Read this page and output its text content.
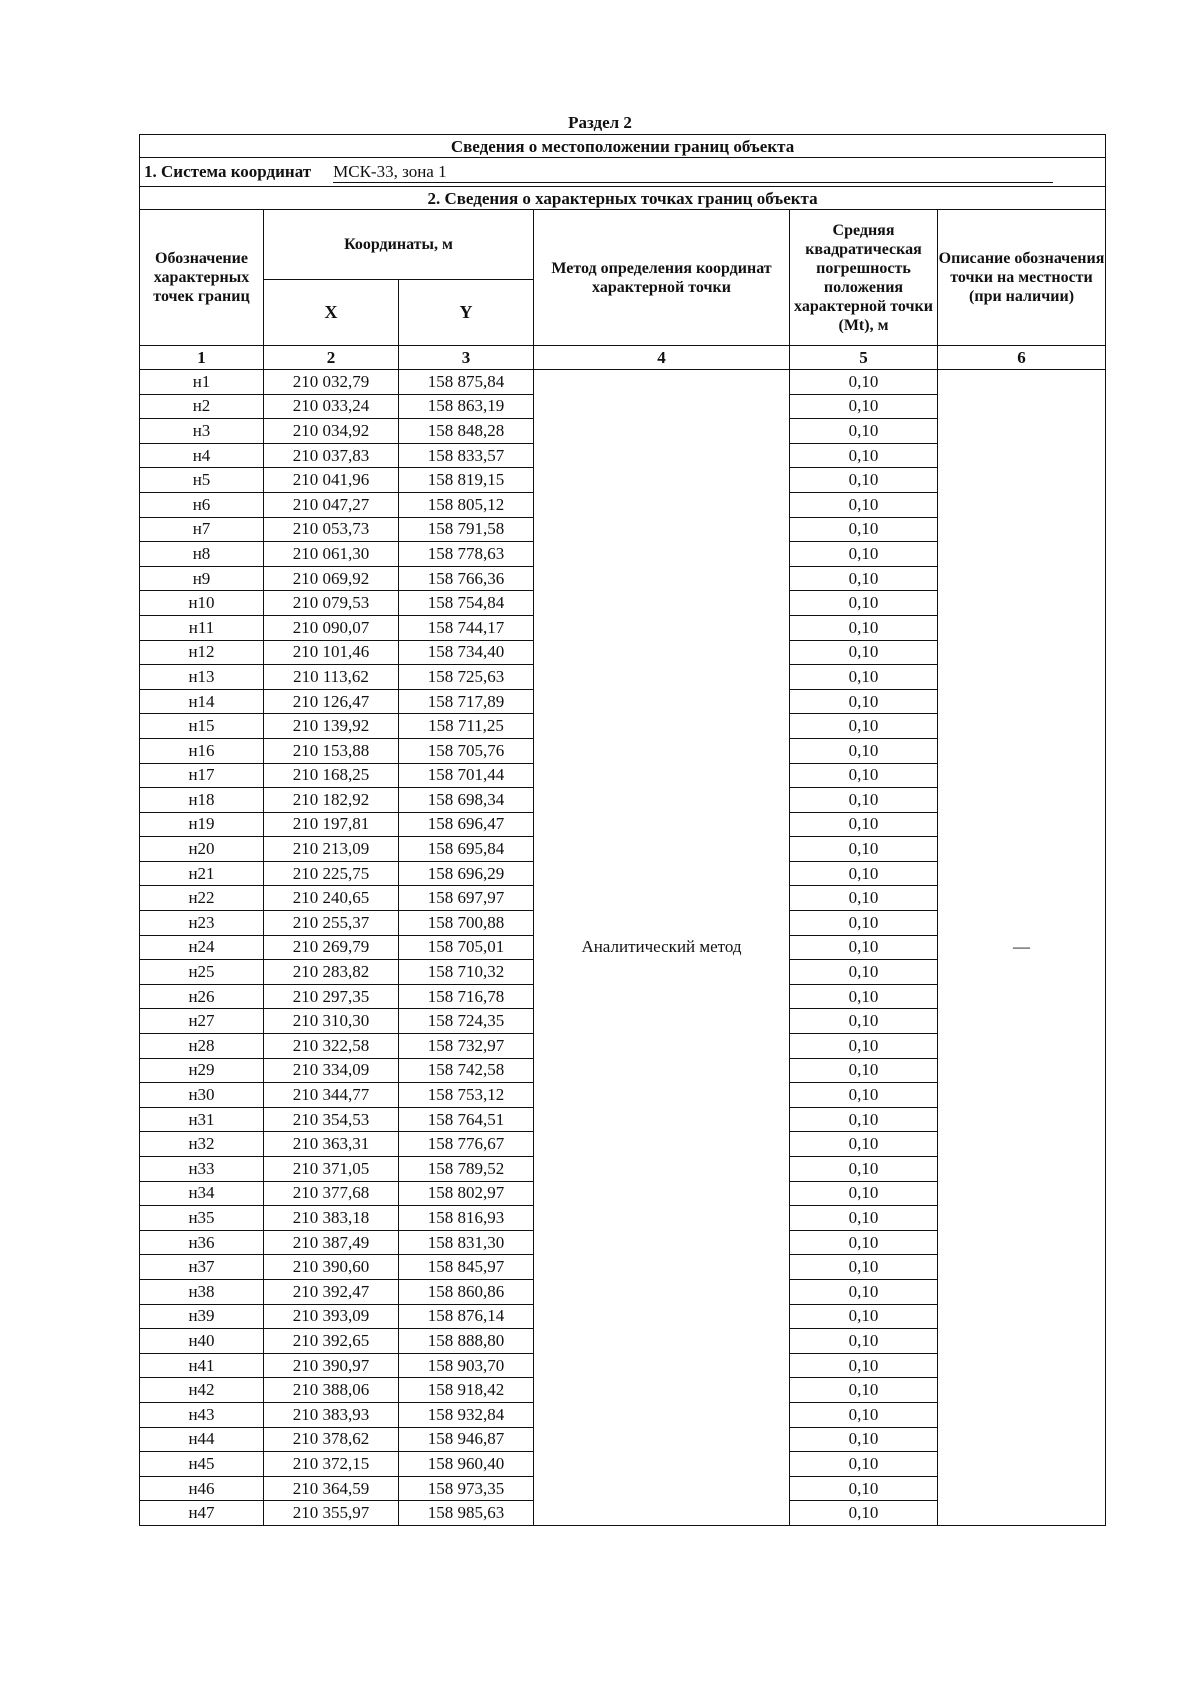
Раздел 2
Сведения о местоположении границ объекта					
1. Система координат МСК-33, зона 1					
2. Сведения о характерных точках границ объекта					
Обозначение характерных точек границ	Координаты, м		Метод определения координат характерной точки	Средняя квадратическая погрешность положения характерной точки (Mt), м	Описание обозначения точки на местности (при наличии)
	X	Y			
1	2	3	4	5	6
н1	210 032,79	158 875,84	Аналитический метод	0,10	—
н2	210 033,24	158 863,19		0,10	
н3	210 034,92	158 848,28		0,10	
н4	210 037,83	158 833,57		0,10	
н5	210 041,96	158 819,15		0,10	
н6	210 047,27	158 805,12		0,10	
н7	210 053,73	158 791,58		0,10	
н8	210 061,30	158 778,63		0,10	
н9	210 069,92	158 766,36		0,10	
н10	210 079,53	158 754,84		0,10	
н11	210 090,07	158 744,17		0,10	
н12	210 101,46	158 734,40		0,10	
н13	210 113,62	158 725,63		0,10	
н14	210 126,47	158 717,89		0,10	
н15	210 139,92	158 711,25		0,10	
н16	210 153,88	158 705,76		0,10	
н17	210 168,25	158 701,44		0,10	
н18	210 182,92	158 698,34		0,10	
н19	210 197,81	158 696,47		0,10	
н20	210 213,09	158 695,84		0,10	
н21	210 225,75	158 696,29		0,10	
н22	210 240,65	158 697,97		0,10	
н23	210 255,37	158 700,88		0,10	
н24	210 269,79	158 705,01		0,10	
н25	210 283,82	158 710,32		0,10	
н26	210 297,35	158 716,78		0,10	
н27	210 310,30	158 724,35		0,10	
н28	210 322,58	158 732,97		0,10	
н29	210 334,09	158 742,58		0,10	
н30	210 344,77	158 753,12		0,10	
н31	210 354,53	158 764,51		0,10	
н32	210 363,31	158 776,67		0,10	
н33	210 371,05	158 789,52		0,10	
н34	210 377,68	158 802,97		0,10	
н35	210 383,18	158 816,93		0,10	
н36	210 387,49	158 831,30		0,10	
н37	210 390,60	158 845,97		0,10	
н38	210 392,47	158 860,86		0,10	
н39	210 393,09	158 876,14		0,10	
н40	210 392,65	158 888,80		0,10	
н41	210 390,97	158 903,70		0,10	
н42	210 388,06	158 918,42		0,10	
н43	210 383,93	158 932,84		0,10	
н44	210 378,62	158 946,87		0,10	
н45	210 372,15	158 960,40		0,10	
н46	210 364,59	158 973,35		0,10	
н47	210 355,97	158 985,63		0,10	
